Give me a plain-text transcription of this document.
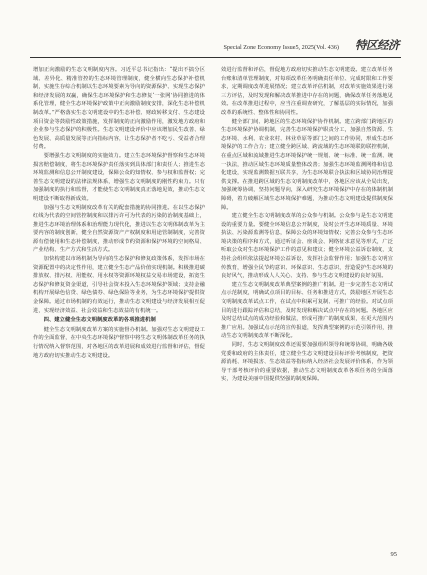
Special Zone Economy Issue5, 2025(Vol. 436) 特区经济

增加正向激励的生态文明制度内容。习近平总书记指出：“提出不搞分区域、差异化、精准管控的生态环境管理制度，健全横向生态保护补偿机制，实施生存综合机制以生态环境要素为导向的资源保护、实现生态保护和经济发展的双赢，确保生态环境保护和生态修复‘一张网’协同推进的体系化管理，健全生态环境保护政策中正向激励制度安排，深化生态补偿机制改革。”严格落实生态文明建设中的生态补偿、财政转移支付、生态建设项目资金等鼓励性政策措施，发挥制度的正向激励作用，激发地方政府和企业参与生态保护的积极性。生态文明建设评价中应该增加民生改善、绿色发展、高质量发展等正向指标内容，让生态保护者不吃亏、受益者合理付费。

要增强生态文明制度的实施效力。建立生态环境保护督察和生态环境损害赔偿制度，将生态环境保护责任落实到具体部门和责任人；推进生态环境监测和信息公开制度建设，保障公众的知情权、参与权和监督权；完善生态文明建设的法律法规体系，增强生态文明制度的刚性约束力。只有加强制度的执行和监督，才能使生态文明制度真正落地见效，推动生态文明建设不断取得新成效。

加强与生态文明制度改革有关的配套措施的协同推进。在以生态保护红线为代表的空间管控制度和以排污许可为代表的污染防治制度基础上，推进生态环境治理体系和治理能力现代化，推进以生态文明体制改革为主要内容的制度创新，健全自然资源资产产权制度和用途管制制度，完善资源有偿使用和生态补偿制度，推动形成节约资源和保护环境的空间格局、产业结构、生产方式和生活方式。

加快构建以市场机制为导向的生态保护和修复政策体系，发挥市场在资源配置中的决定性作用，建立健全生态产品价值实现机制。积极推进碳排放权、排污权、用能权、用水权等资源环境权益交易市场建设，拓宽生态保护和修复资金渠道，引导社会资本投入生态环境保护领域；支持金融机构开展绿色信贷、绿色债券、绿色保险等业务，为生态环境保护提供资金保障。通过市场机制的有效运行，推动生态文明建设与经济发展相互促进，实现经济效益、社会效益和生态效益的有机统一。

四、建立健全生态文明制度改革的各项推进机制

健全生态文明制度改革方案的实施督办机制。加强对生态文明建设工作的全面监督，在中央生态环境保护督察中将生态文明体制改革任务的执行情况纳入督察范围，对各地区的改革进展和成效进行监督和评估，督促地方政府切实推动生态文明建设。

效进行监督和评估，督促地方政府切实推动生态文明建设。建立改革任务台账和清单管理制度，对每项改革任务明确责任单位、完成时限和工作要求，定期调度改革进展情况；建立改革评估机制，对改革实施效果进行第三方评估，及时发现和解决改革推进中存在的问题，确保改革任务落地见效。在改革推进过程中，应当注重调查研究，了解基层的实际情况，加强改革的系统性、整体性和协同性。

健全部门间、跨地区的生态环境保护协作机制。建立跨部门跨地区的生态环境保护协调机制，完善生态环境保护职责分工，加强自然资源、生态环境、水利、农业农村、林业草原等部门之间的工作协同，形成生态环境保护的工作合力；建立健全跨区域、跨流域的生态环境联防联控机制，在重点区域和流域推进生态环境保护统一规划、统一标准、统一监测、统一执法，推动区域生态环境质量整体改善；加强生态环境监测网络和信息化建设，实现监测数据互联共享，为生态环境联合执法和区域协同治理提供支撑。在推进跨区域的生态文明制度改革中，各地区应该从全局出发，加强统筹协调，坚持问题导向，深入研究生态环境保护中存在的体制机制障碍，着力破解区域生态环境保护难题，为推动生态文明建设提供制度保障。

建立健全生态文明制度改革的公众参与机制。公众参与是生态文明建设的重要力量。要健全环境信息公开制度，及时公开生态环境质量、环境执法、污染源监测等信息，保障公众的环境知情权；完善公众参与生态环境决策的程序和方式，通过听证会、座谈会、网络征求意见等形式，广泛听取公众对生态环境保护工作的意见和建议；健全环境公益诉讼制度，支持社会组织依法提起环境公益诉讼，发挥社会监督作用；加强生态文明宣传教育，增强全民节约意识、环保意识、生态意识，营造爱护生态环境的良好风气，推动形成人人关心、支持、参与生态文明建设的良好氛围。

建立生态文明制度改革典型案例的推广机制。进一步完善生态文明试点示范制度，明确试点项目的目标、任务和推进方式，鼓励地区开展生态文明制度改革试点工作，在试点中积累可复制、可推广的经验。对试点项目的进行跟踪评估和总结，及时发现和解决试点中存在的问题。各地区应及时总结试点的成功经验和做法，形成可推广的制度成果，在更大范围内推广应用。加强试点示范的宣传报道，发挥典型案例的示范引领作用，推动生态文明制度改革不断深化。

同时，生态文明制度改革还需要加强组织领导和统筹协调，明确各级党委和政府的主体责任，建立健全生态文明建设目标评价考核制度，把资源消耗、环境损害、生态效益等指标纳入经济社会发展评价体系，作为领导干部考核评价的重要依据，推动生态文明制度改革各项任务的全面落实，为建设美丽中国提供坚强的制度保障。

95
